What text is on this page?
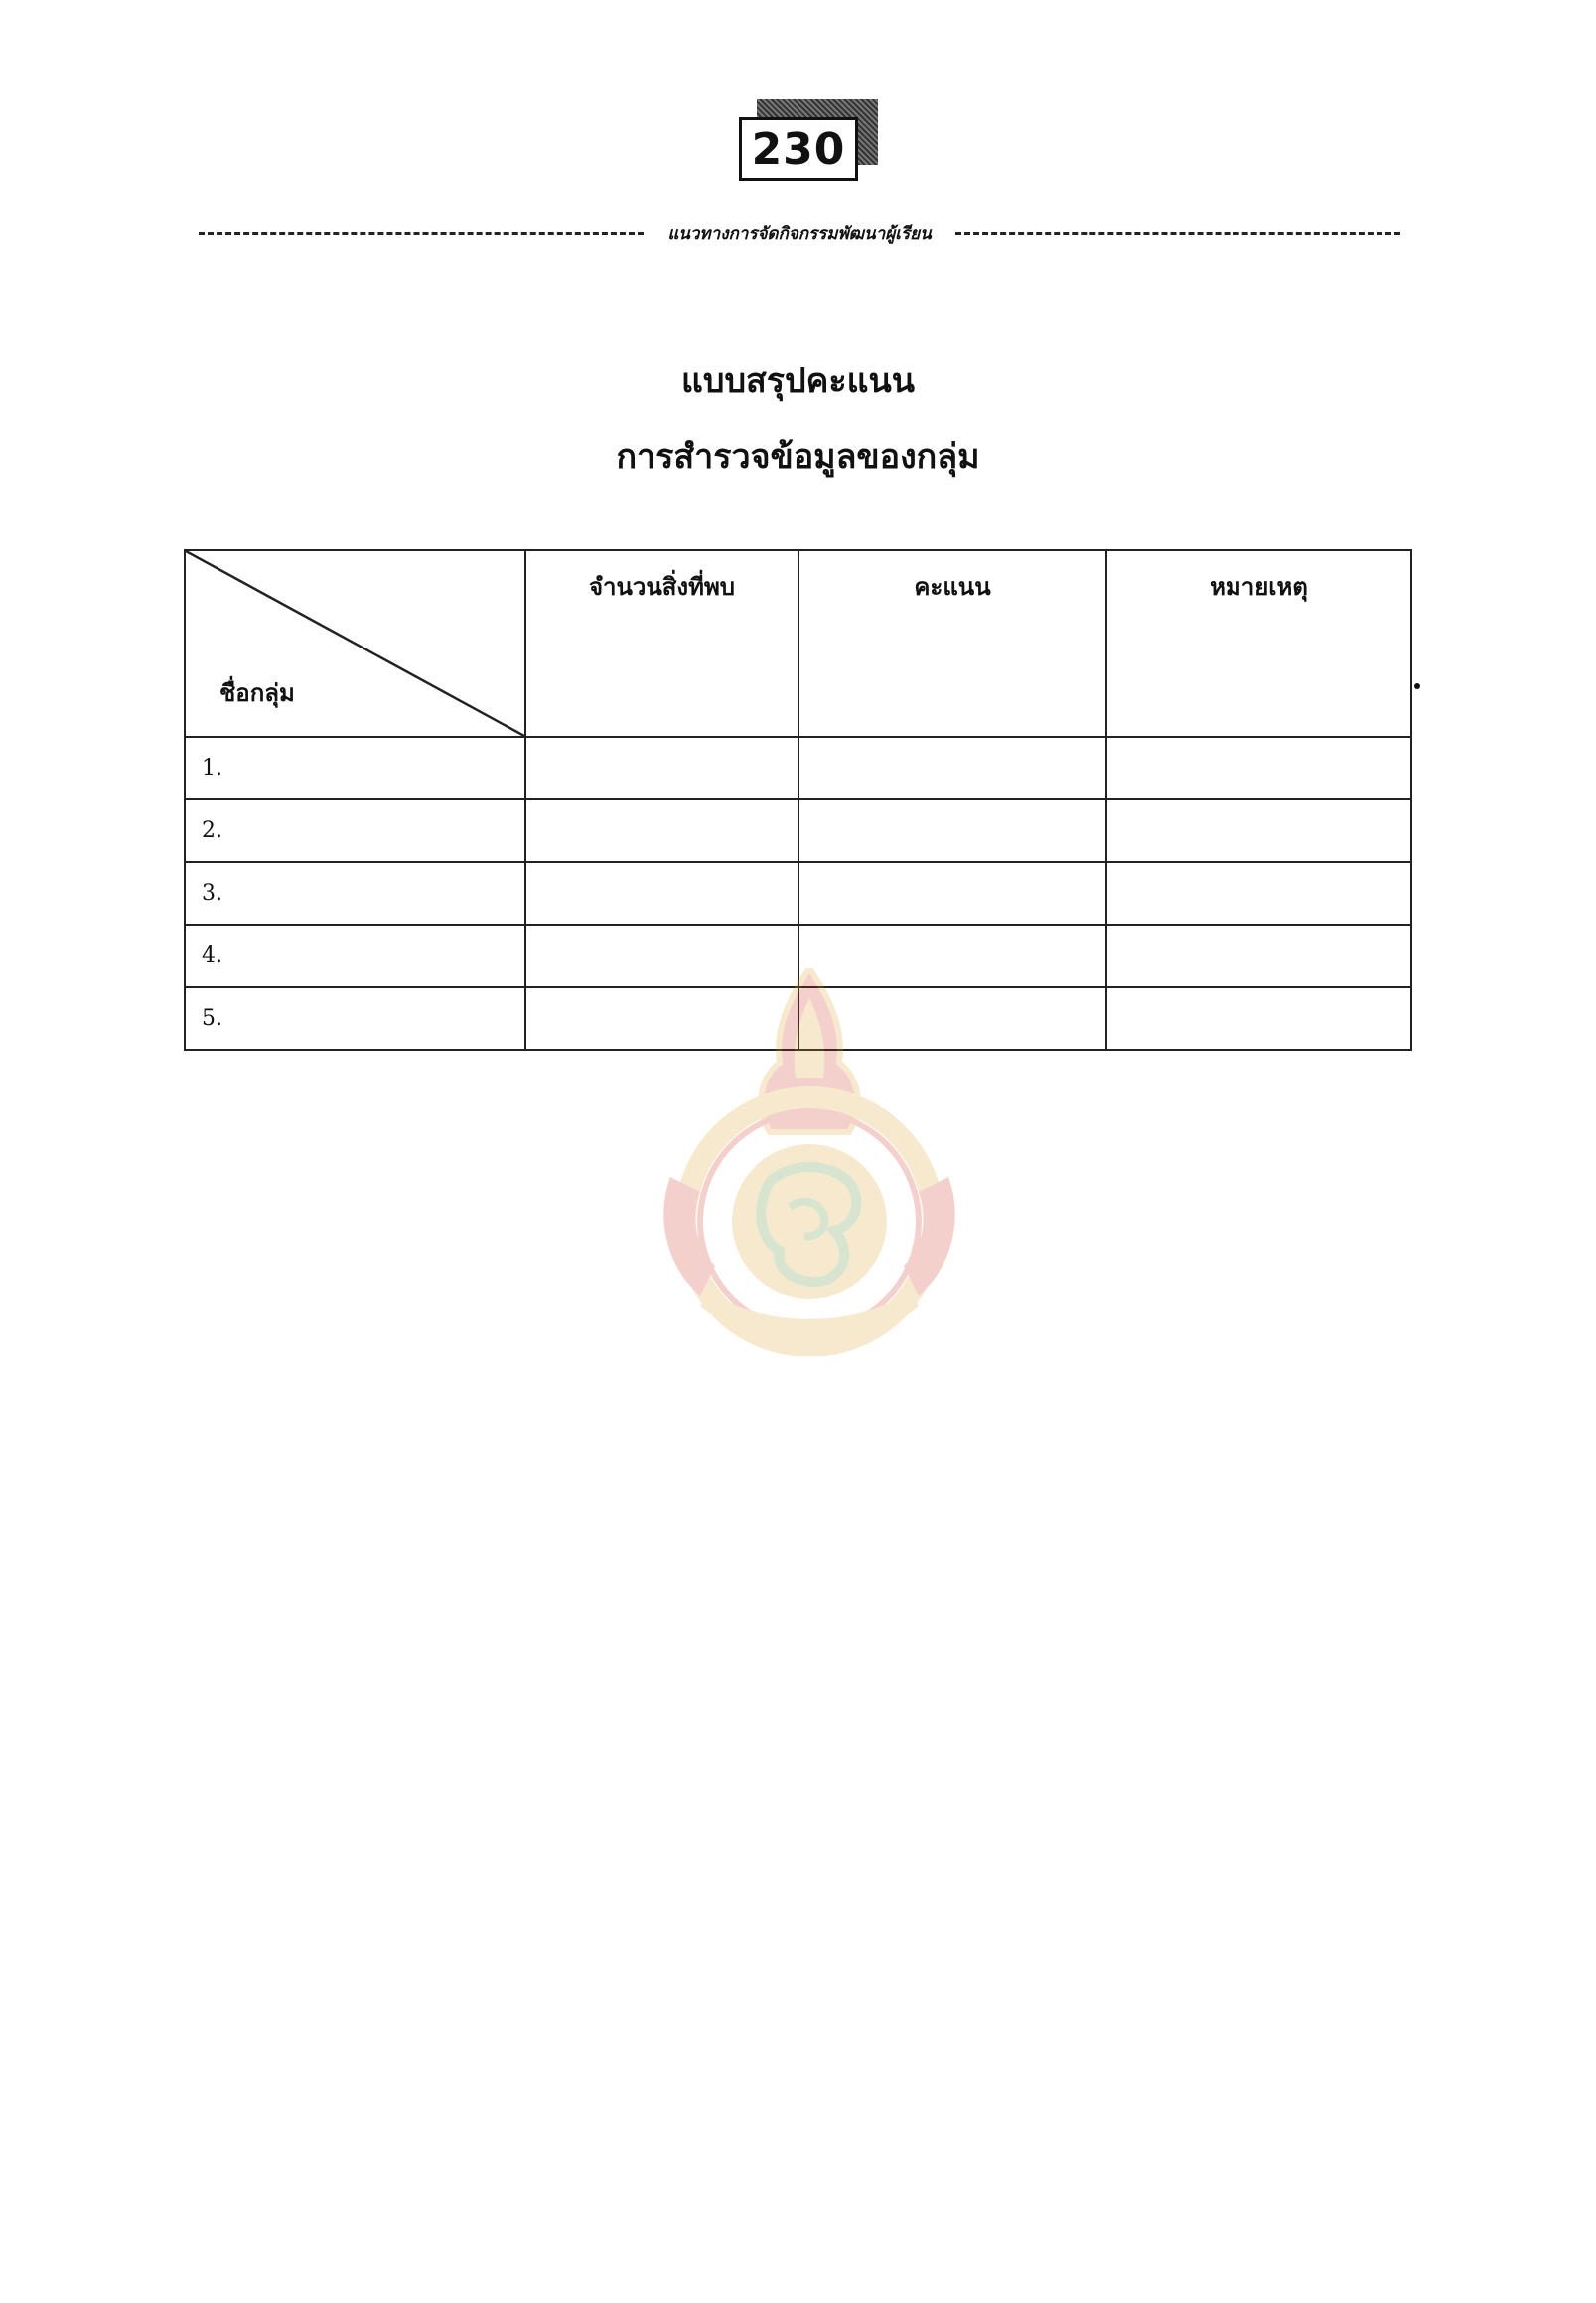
230
แนวทางการจัดกิจกรรมพัฒนาผู้เรียน
แบบสรุปคะแนน
การสำรวจข้อมูลของกลุ่ม
ชื่อกลุ่ม	จำนวนสิ่งที่พบ	คะแนน	หมายเหตุ

1.			
2.			
3.			
4.			
5.			
